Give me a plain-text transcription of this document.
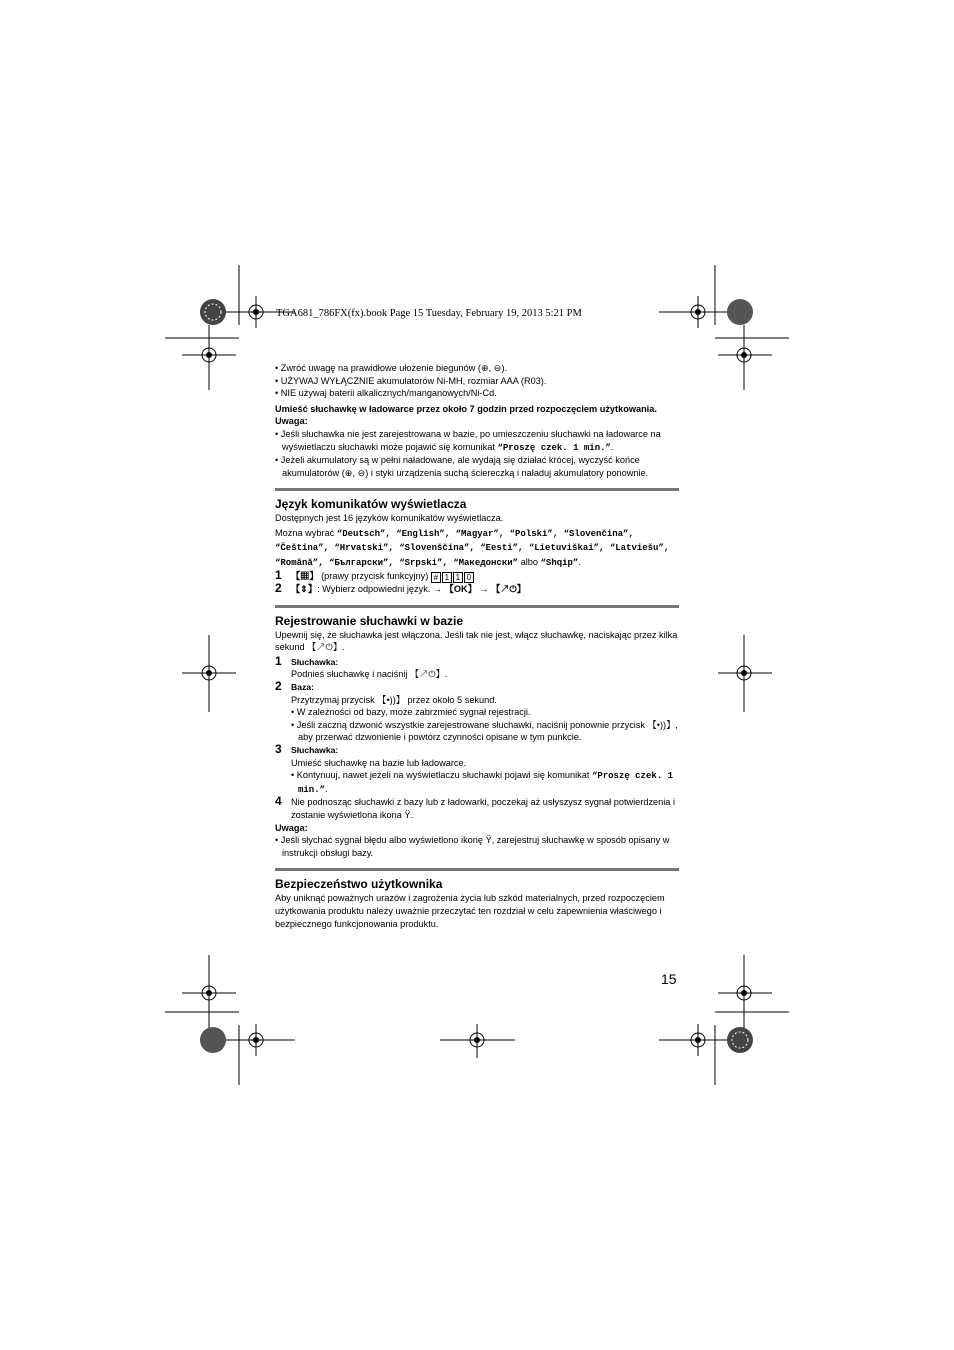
TGA681_786FX(fx).book Page 15 Tuesday, February 19, 2013 5:21 PM

• Zwróć uwagę na prawidłowe ułożenie biegunów (⊕, ⊖).

• UŻYWAJ WYŁĄCZNIE akumulatorów Ni-MH, rozmiar AAA (R03).

• NIE używaj baterii alkalicznych/manganowych/Ni-Cd.

Umieść słuchawkę w ładowarce przez około 7 godzin przed rozpoczęciem użytkowania.

Uwaga:

• Jeśli słuchawka nie jest zarejestrowana w bazie, po umieszczeniu słuchawki na ładowarce na wyświetlaczu słuchawki może pojawić się komunikat “Proszę czek. 1 min.”.

• Jeżeli akumulatory są w pełni naładowane, ale wydają się działać krócej, wyczyść końce akumulatorów (⊕, ⊖) i styki urządzenia suchą ściereczką i naładuj akumulatory ponownie.

Język komunikatów wyświetlacza

Dostępnych jest 16 języków komunikatów wyświetlacza.

Można wybrać “Deutsch”, “English”, “Magyar”, “Polski”, “Slovenčina”, “Čeština”, “Hrvatski”, “Slovenščina”, “Eesti”, “Lietuviškai”, “Latviešu”, “Română”, “Български”, “Srpski”, “Македонски” albo “Shqip”.

1 【▦】 (prawy przycisk funkcyjny) # 1 1 0
2 【⇕】: Wybierz odpowiedni język. → 【OK】 → 【↗⏻】

Rejestrowanie słuchawki w bazie

Upewnij się, że słuchawka jest włączona. Jeśli tak nie jest, włącz słuchawkę, naciskając przez kilka sekund 【↗⏻】.

1 Słuchawka:
Podnieś słuchawkę i naciśnij 【↗⏻】.
2 Baza:
Przytrzymaj przycisk 【•))】 przez około 5 sekund.
• W zależności od bazy, może zabrzmieć sygnał rejestracji.
• Jeśli zaczną dzwonić wszystkie zarejestrowane słuchawki, naciśnij ponownie przycisk 【•))】, aby przerwać dzwonienie i powtórz czynności opisane w tym punkcie.
3 Słuchawka:
Umieść słuchawkę na bazie lub ładowarce.
• Kontynuuj, nawet jeżeli na wyświetlaczu słuchawki pojawi się komunikat “Proszę czek. 1 min.”.
4 Nie podnosząc słuchawki z bazy lub z ładowarki, poczekaj aż usłyszysz sygnał potwierdzenia i zostanie wyświetlona ikona Ÿ.

Uwaga:

• Jeśli słychać sygnał błędu albo wyświetlono ikonę Ÿ, zarejestruj słuchawkę w sposób opisany w instrukcji obsługi bazy.

Bezpieczeństwo użytkownika

Aby uniknąć poważnych urazów i zagrożenia życia lub szkód materialnych, przed rozpoczęciem użytkowania produktu należy uważnie przeczytać ten rozdział w celu zapewnienia właściwego i bezpiecznego funkcjonowania produktu.

15
